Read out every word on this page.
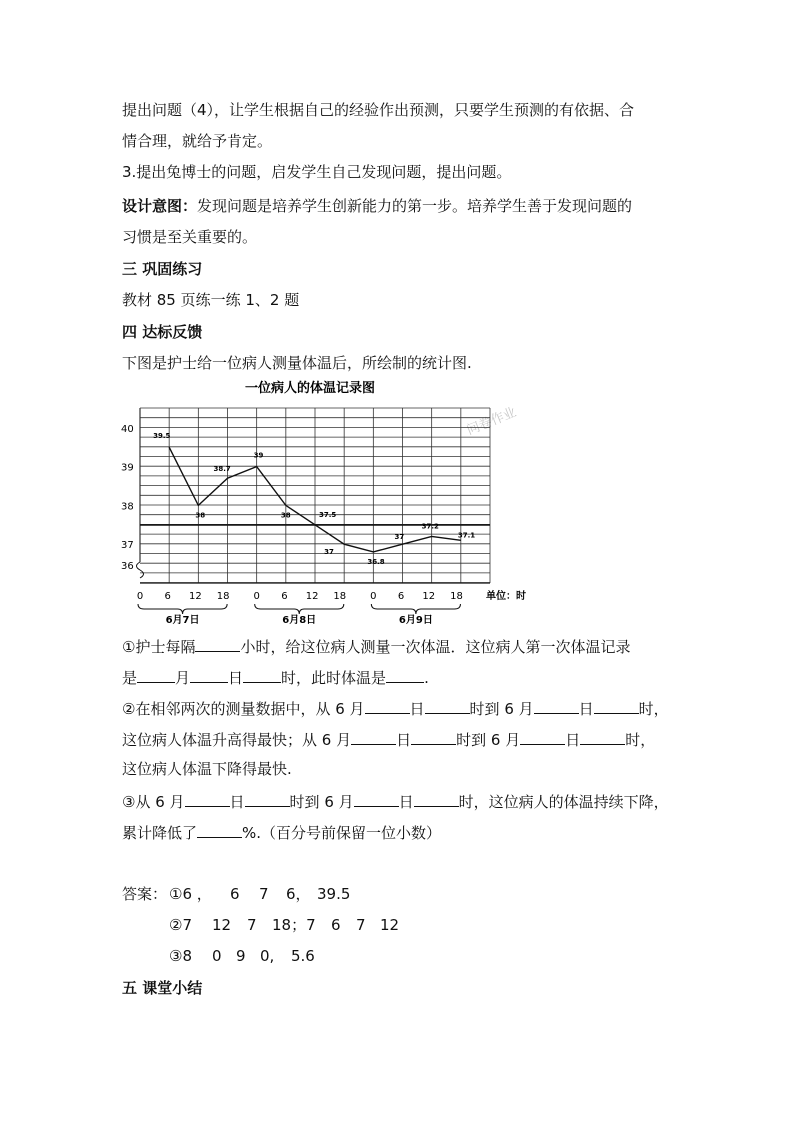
提出问题（4），让学生根据自己的经验作出预测，只要学生预测的有依据、合
情合理，就给予肯定。
3.提出兔博士的问题，启发学生自己发现问题，提出问题。
设计意图：发现问题是培养学生创新能力的第一步。培养学生善于发现问题的
习惯是至关重要的。
三 巩固练习
教材 85 页练一练 1、2 题
四 达标反馈
下图是护士给一位病人测量体温后，所绘制的统计图.
一位病人的体温记录图
问卷作业
36
37
38
39
40
39.5
38
38.7
39
38	37.5
37
36.8
37
37.2
37.1
0 6 12 18 0 6 12 18 0 6 12 18
6月7日	6月8日	6月9日
单位：时
①护士每隔	小时，给这位病人测量一次体温．这位病人第一次体温记录
是	月	日	时，此时体温是	.
②在相邻两次的测量数据中，从 6 月	日	时到 6 月	日	时，
这位病人体温升高得最快；从 6 月	日	时到 6 月	日	时，
这位病人体温下降得最快.
③从 6 月	日	时到 6 月	日	时，这位病人的体温持续下降，
累计降低了	%.（百分号前保留一位小数）
答案： ①6 ， 6 7 6， 39.5
②7 12 7 18；7 6 7 12
③8 0 9 0, 5.6
五 课堂小结
